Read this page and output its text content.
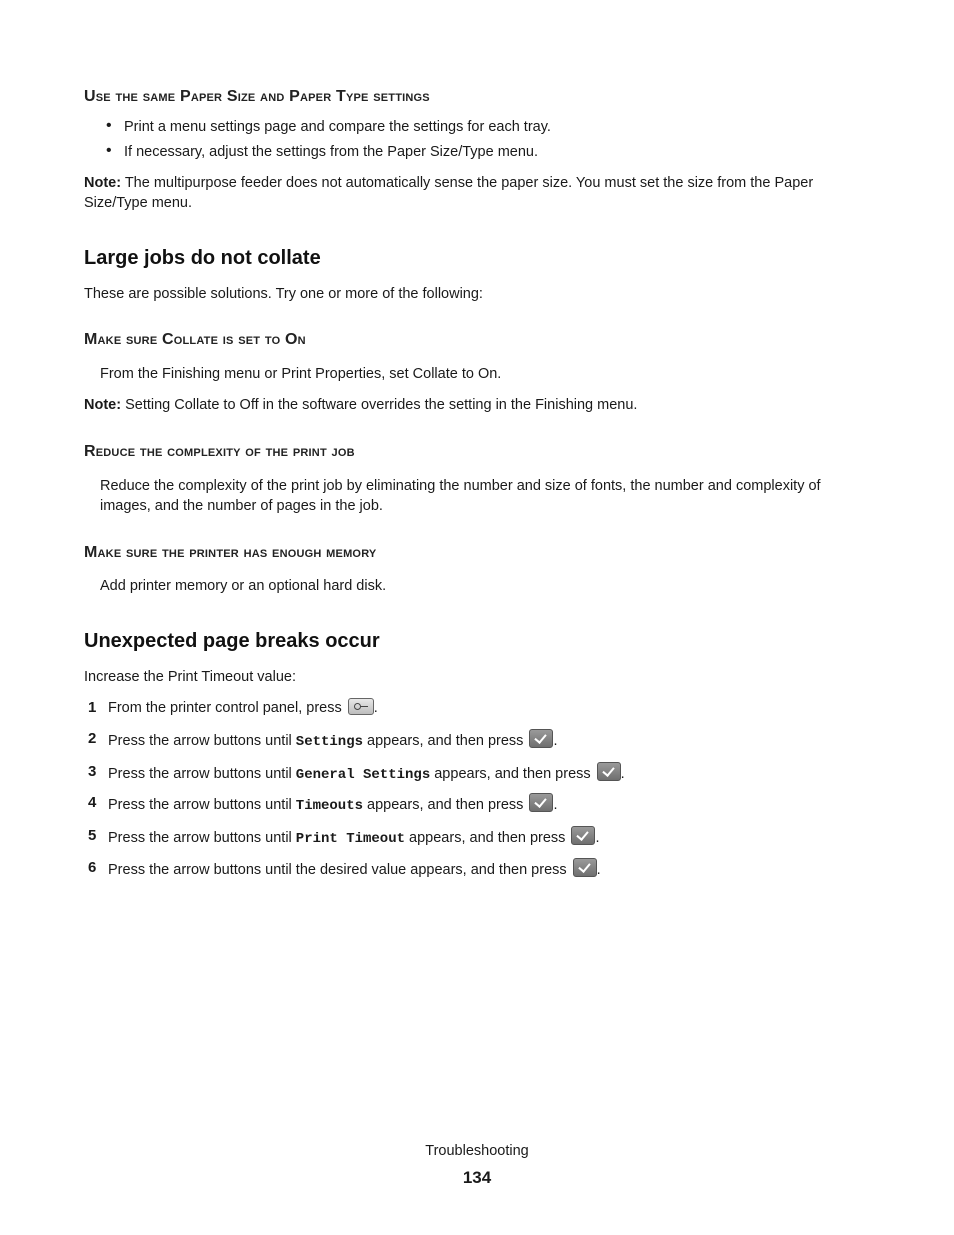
Use the same Paper Size and Paper Type settings
Print a menu settings page and compare the settings for each tray.
If necessary, adjust the settings from the Paper Size/Type menu.
Note: The multipurpose feeder does not automatically sense the paper size. You must set the size from the Paper
Size/Type menu.
Large jobs do not collate
These are possible solutions. Try one or more of the following:
Make sure Collate is set to On
From the Finishing menu or Print Properties, set Collate to On.
Note: Setting Collate to Off in the software overrides the setting in the Finishing menu.
Reduce the complexity of the print job
Reduce the complexity of the print job by eliminating the number and size of fonts, the number and complexity of
images, and the number of pages in the job.
Make sure the printer has enough memory
Add printer memory or an optional hard disk.
Unexpected page breaks occur
Increase the Print Timeout value:
1 From the printer control panel, press .
2 Press the arrow buttons until Settings appears, and then press .
3 Press the arrow buttons until General Settings appears, and then press .
4 Press the arrow buttons until Timeouts appears, and then press .
5 Press the arrow buttons until Print Timeout appears, and then press .
6 Press the arrow buttons until the desired value appears, and then press .
Troubleshooting
134
